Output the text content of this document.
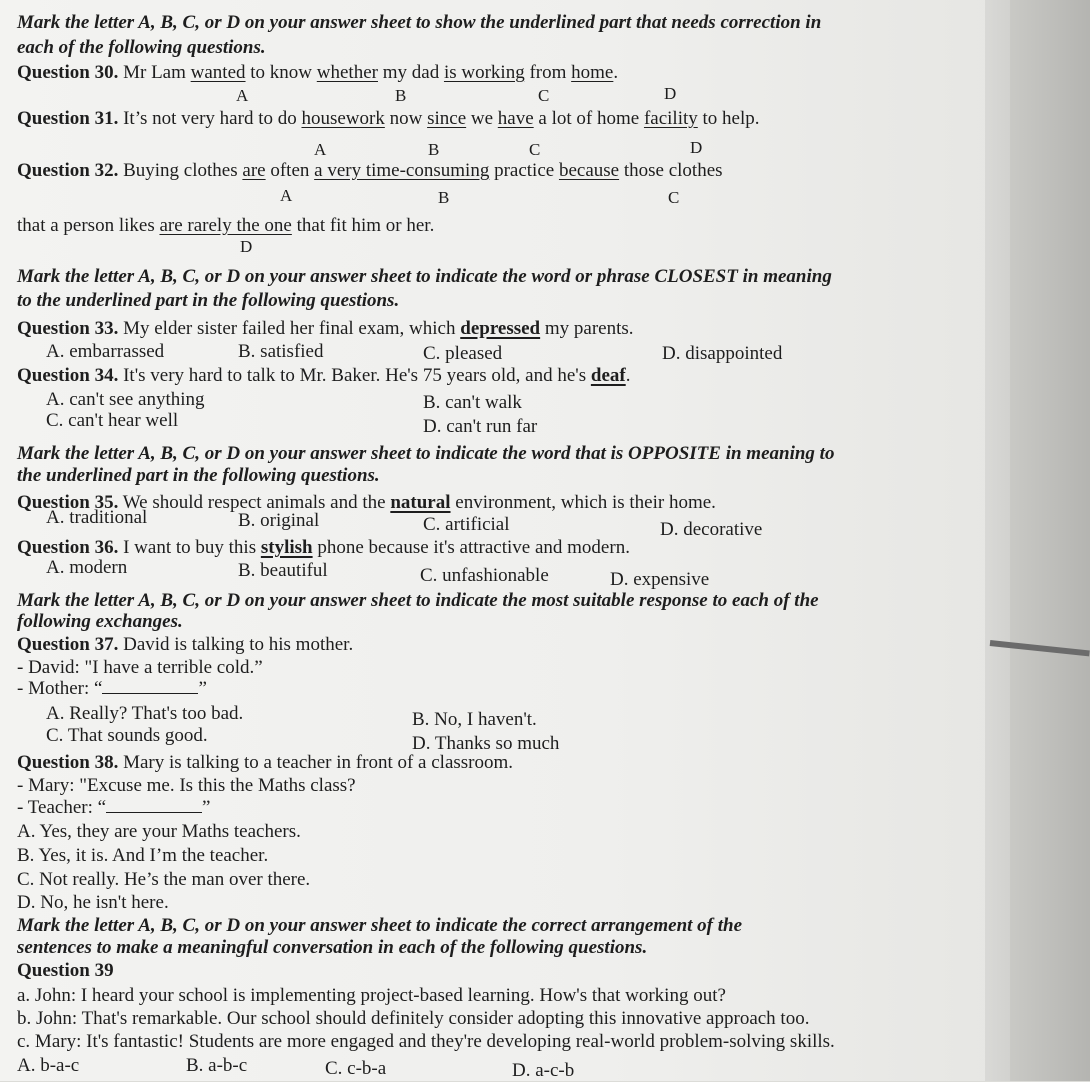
Mark the letter A, B, C, or D on your answer sheet to show the underlined part that needs correction in
each of the following questions.
Question 30. Mr Lam wanted to know whether my dad is working from home.
A	B	C	D
Question 31. It’s not very hard to do housework now since we have a lot of home facility to help.
A	B	C	D
Question 32. Buying clothes are often a very time-consuming practice because those clothes
A	B	C
that a person likes are rarely the one that fit him or her.
D
Mark the letter A, B, C, or D on your answer sheet to indicate the word or phrase CLOSEST in meaning
to the underlined part in the following questions.
Question 33. My elder sister failed her final exam, which depressed my parents.
A. embarrassed	B. satisfied	C. pleased	D. disappointed
Question 34. It's very hard to talk to Mr. Baker. He's 75 years old, and he's deaf.
A. can't see anything	B. can't walk
C. can't hear well	D. can't run far
Mark the letter A, B, C, or D on your answer sheet to indicate the word that is OPPOSITE in meaning to
the underlined part in the following questions.
Question 35. We should respect animals and the natural environment, which is their home.
A. traditional	B. original	C. artificial	D. decorative
Question 36. I want to buy this stylish phone because it's attractive and modern.
A. modern	B. beautiful	C. unfashionable	D. expensive
Mark the letter A, B, C, or D on your answer sheet to indicate the most suitable response to each of the
following exchanges.
Question 37. David is talking to his mother.
- David: "I have a terrible cold.”
- Mother: “	”
A. Really? That's too bad.	B. No, I haven't.
C. That sounds good.	D. Thanks so much
Question 38. Mary is talking to a teacher in front of a classroom.
- Mary: "Excuse me. Is this the Maths class?
- Teacher: “	”
A. Yes, they are your Maths teachers.
B. Yes, it is. And I’m the teacher.
C. Not really. He’s the man over there.
D. No, he isn't here.
Mark the letter A, B, C, or D on your answer sheet to indicate the correct arrangement of the
sentences to make a meaningful conversation in each of the following questions.
Question 39
a. John: I heard your school is implementing project-based learning. How's that working out?
b. John: That's remarkable. Our school should definitely consider adopting this innovative approach too.
c. Mary: It's fantastic! Students are more engaged and they're developing real-world problem-solving skills.
A. b-a-c	B. a-b-c	C. c-b-a	D. a-c-b
